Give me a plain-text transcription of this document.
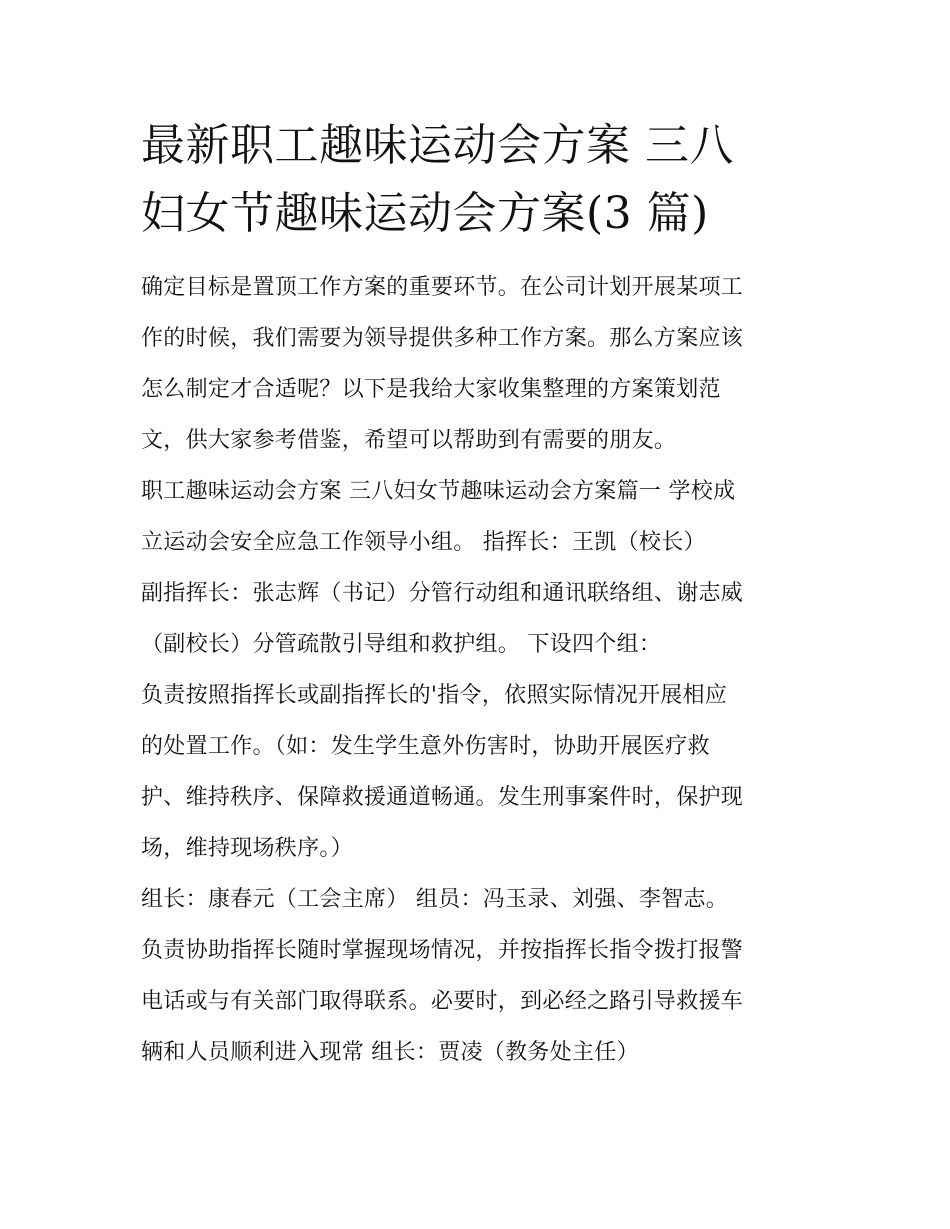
最新职工趣味运动会方案 三八
妇女节趣味运动会方案(3 篇)
确定目标是置顶工作方案的重要环节。在公司计划开展某项工
作的时候，我们需要为领导提供多种工作方案。那么方案应该
怎么制定才合适呢？以下是我给大家收集整理的方案策划范
文，供大家参考借鉴，希望可以帮助到有需要的朋友。
职工趣味运动会方案 三八妇女节趣味运动会方案篇一 学校成
立运动会安全应急工作领导小组。 指挥长：王凯（校长）
副指挥长：张志辉（书记）分管行动组和通讯联络组、谢志威
（副校长）分管疏散引导组和救护组。 下设四个组：
负责按照指挥长或副指挥长的'指令，依照实际情况开展相应
的处置工作。（如：发生学生意外伤害时，协助开展医疗救
护、维持秩序、保障救援通道畅通。发生刑事案件时，保护现
场，维持现场秩序。）
组长：康春元（工会主席） 组员：冯玉录、刘强、李智志。
负责协助指挥长随时掌握现场情况，并按指挥长指令拨打报警
电话或与有关部门取得联系。必要时，到必经之路引导救援车
辆和人员顺利进入现常 组长：贾凌（教务处主任）
